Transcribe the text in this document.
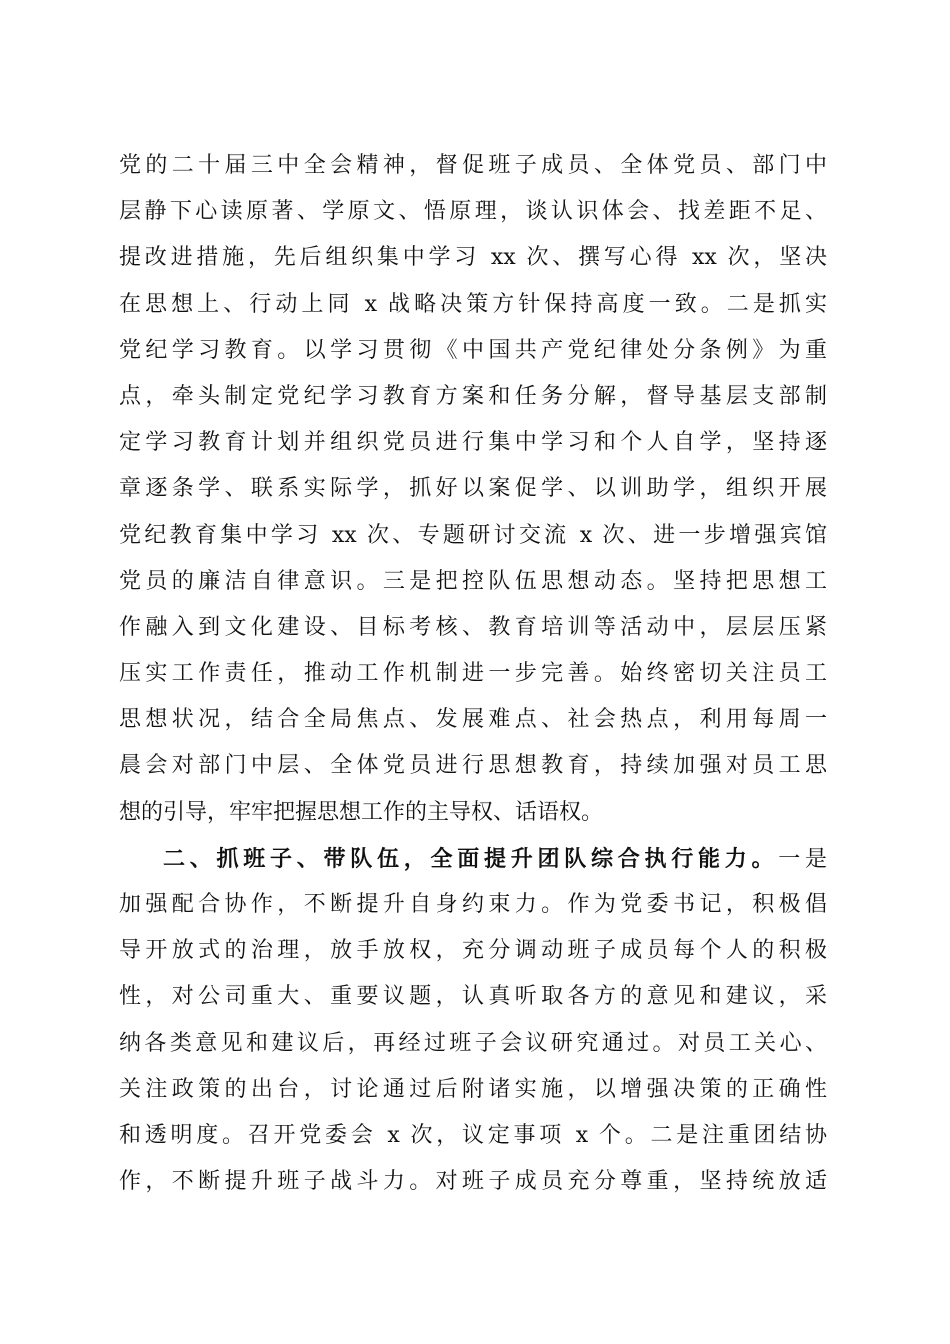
党的二十届三中全会精神，督促班子成员、全体党员、部门中
层静下心读原著、学原文、悟原理，谈认识体会、找差距不足、
提改进措施，先后组织集中学习 xx 次、撰写心得 xx 次，坚决
在思想上、行动上同 x 战略决策方针保持高度一致。二是抓实
党纪学习教育。以学习贯彻《中国共产党纪律处分条例》为重
点，牵头制定党纪学习教育方案和任务分解，督导基层支部制
定学习教育计划并组织党员进行集中学习和个人自学，坚持逐
章逐条学、联系实际学，抓好以案促学、以训助学，组织开展
党纪教育集中学习 xx 次、专题研讨交流 x 次、进一步增强宾馆
党员的廉洁自律意识。三是把控队伍思想动态。坚持把思想工
作融入到文化建设、目标考核、教育培训等活动中，层层压紧
压实工作责任，推动工作机制进一步完善。始终密切关注员工
思想状况，结合全局焦点、发展难点、社会热点，利用每周一
晨会对部门中层、全体党员进行思想教育，持续加强对员工思
想的引导，牢牢把握思想工作的主导权、话语权。
二、抓班子、带队伍，全面提升团队综合执行能力。一是
加强配合协作，不断提升自身约束力。作为党委书记，积极倡
导开放式的治理，放手放权，充分调动班子成员每个人的积极
性，对公司重大、重要议题，认真听取各方的意见和建议，采
纳各类意见和建议后，再经过班子会议研究通过。对员工关心、
关注政策的出台，讨论通过后附诸实施，以增强决策的正确性
和透明度。召开党委会 x 次，议定事项 x 个。二是注重团结协
作，不断提升班子战斗力。对班子成员充分尊重，坚持统放适
